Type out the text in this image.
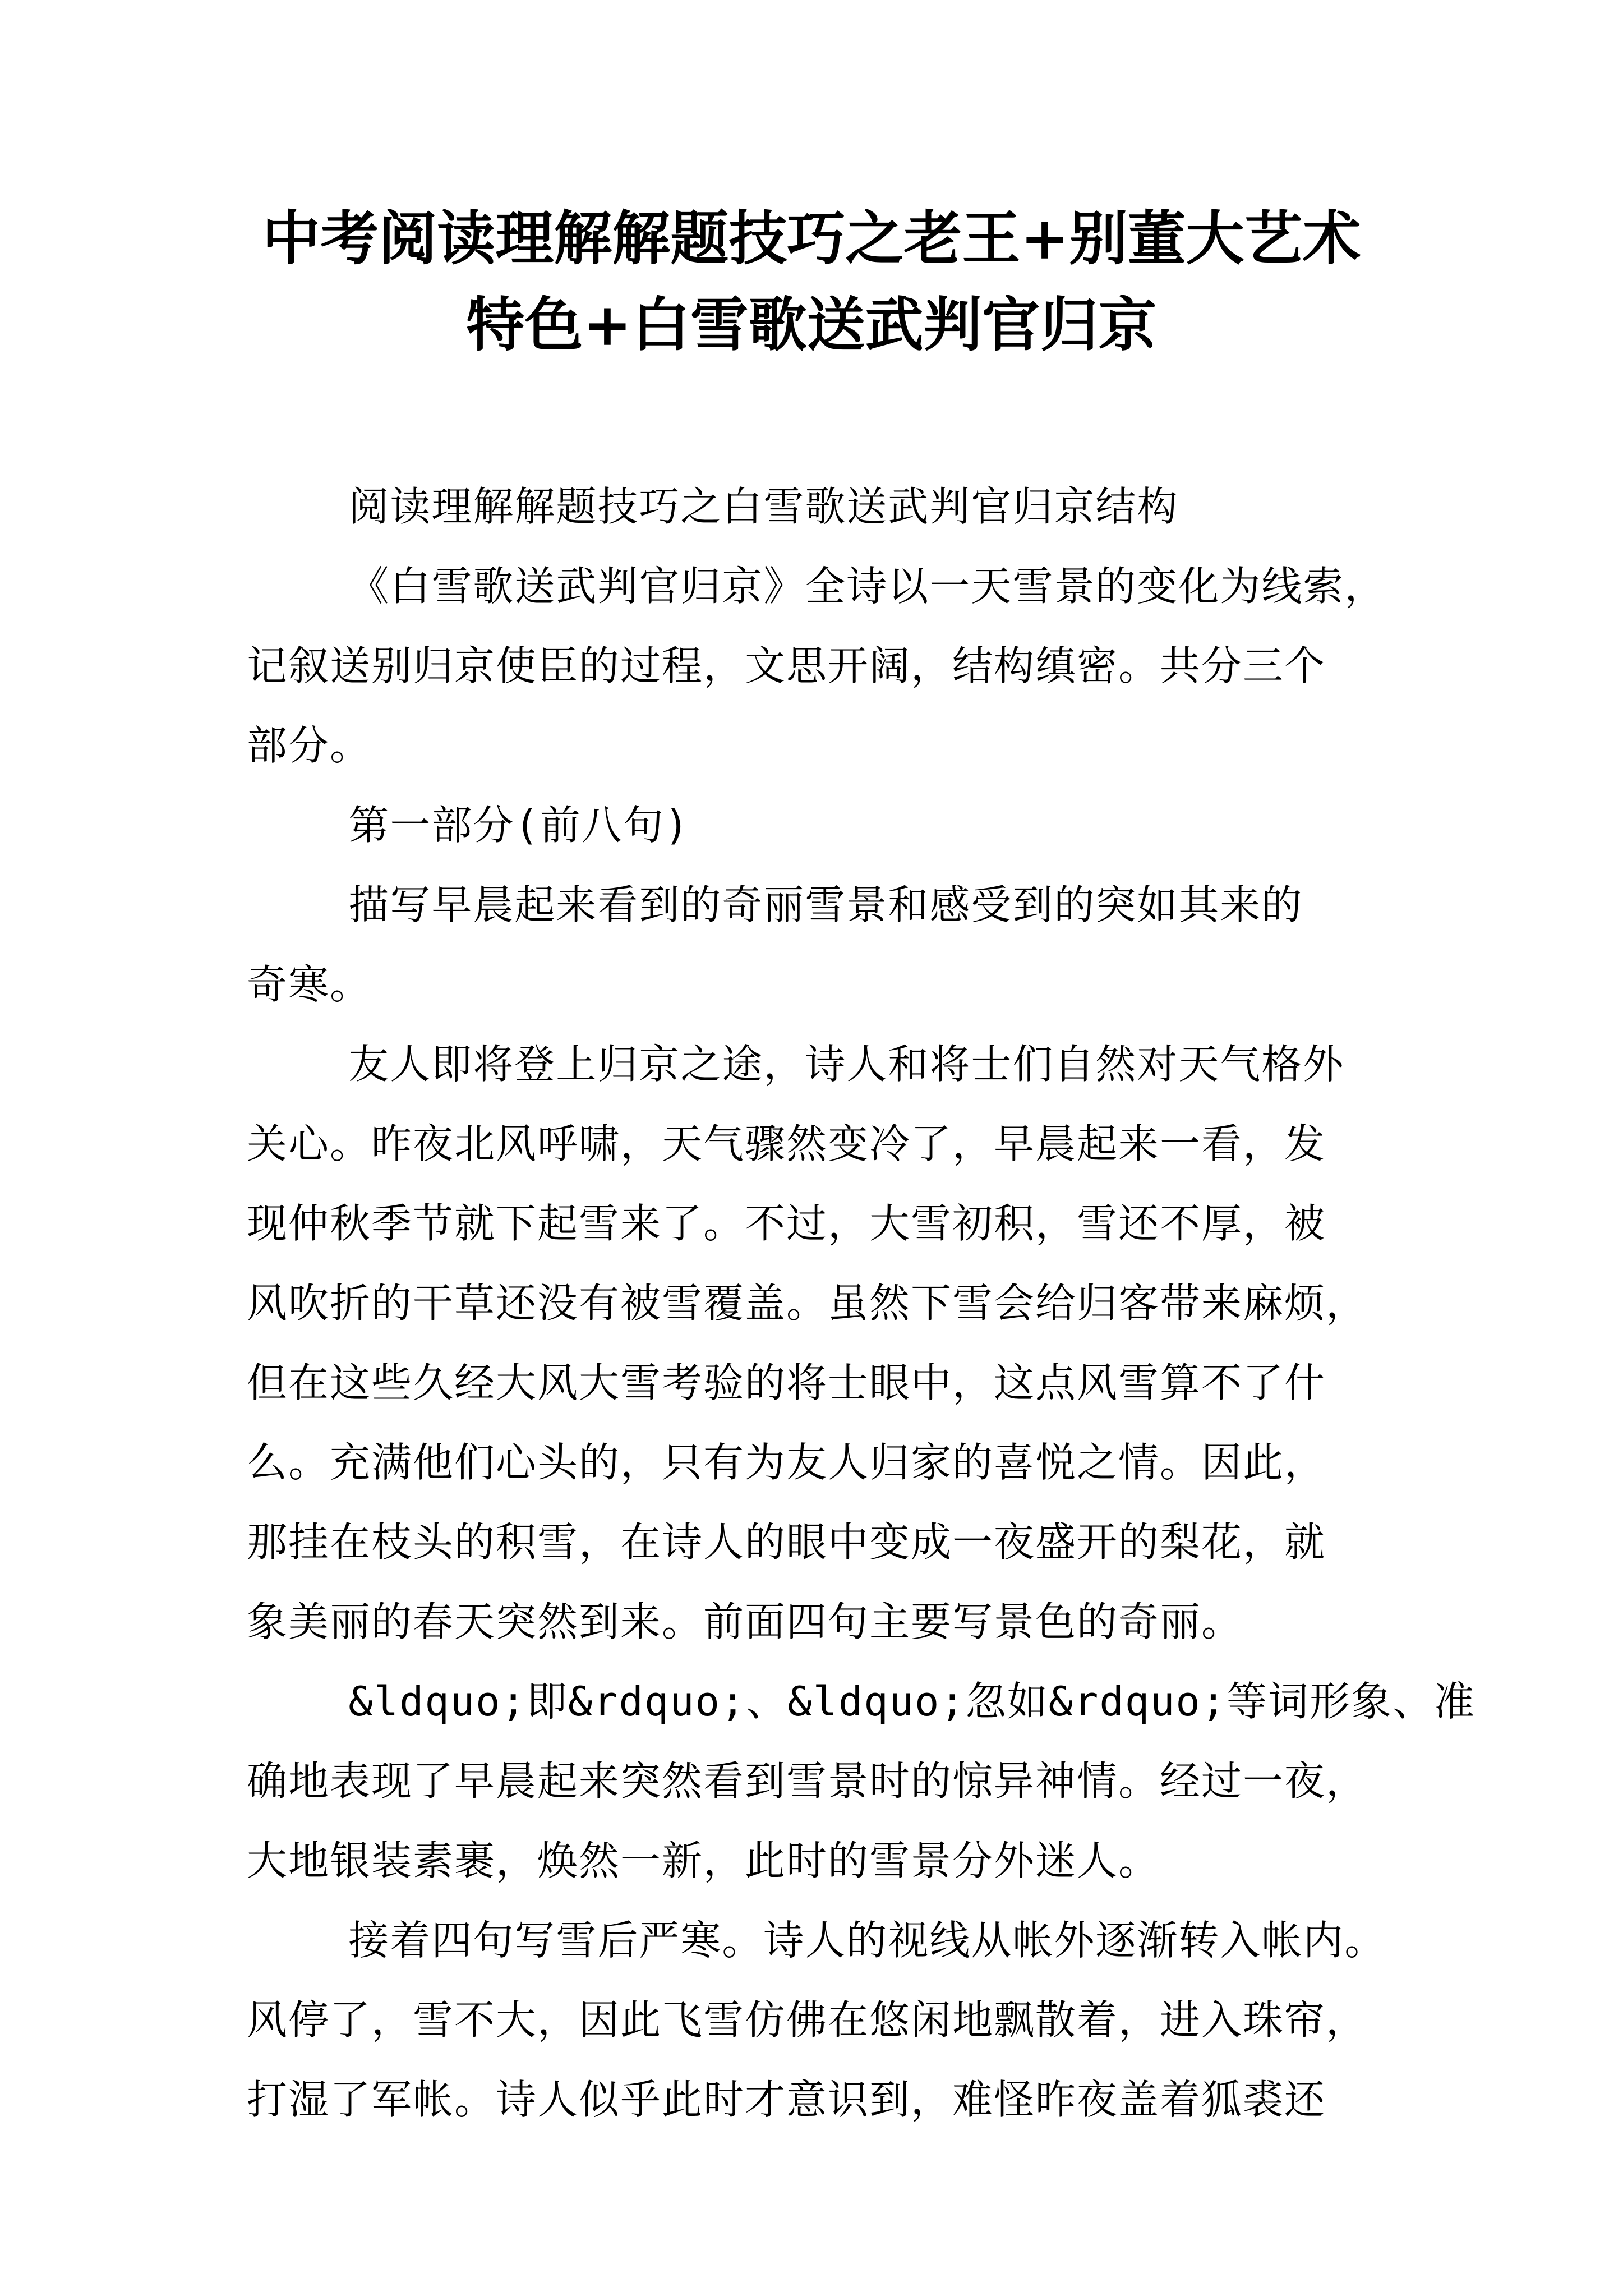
中考阅读理解解题技巧之老王+别董大艺术
特色+白雪歌送武判官归京
阅读理解解题技巧之白雪歌送武判官归京结构
《白雪歌送武判官归京》全诗以一天雪景的变化为线索，
记叙送别归京使臣的过程，文思开阔，结构缜密。共分三个
部分。
第一部分(前八句)
描写早晨起来看到的奇丽雪景和感受到的突如其来的
奇寒。
友人即将登上归京之途，诗人和将士们自然对天气格外
关心。昨夜北风呼啸，天气骤然变冷了，早晨起来一看，发
现仲秋季节就下起雪来了。不过，大雪初积，雪还不厚，被
风吹折的干草还没有被雪覆盖。虽然下雪会给归客带来麻烦，
但在这些久经大风大雪考验的将士眼中，这点风雪算不了什
么。充满他们心头的，只有为友人归家的喜悦之情。因此，
那挂在枝头的积雪，在诗人的眼中变成一夜盛开的梨花，就
象美丽的春天突然到来。前面四句主要写景色的奇丽。
&ldquo;即&rdquo;、&ldquo;忽如&rdquo;等词形象、准
确地表现了早晨起来突然看到雪景时的惊异神情。经过一夜，
大地银装素裹，焕然一新，此时的雪景分外迷人。
接着四句写雪后严寒。诗人的视线从帐外逐渐转入帐内。
风停了，雪不大，因此飞雪仿佛在悠闲地飘散着，进入珠帘，
打湿了军帐。诗人似乎此时才意识到，难怪昨夜盖着狐裘还
